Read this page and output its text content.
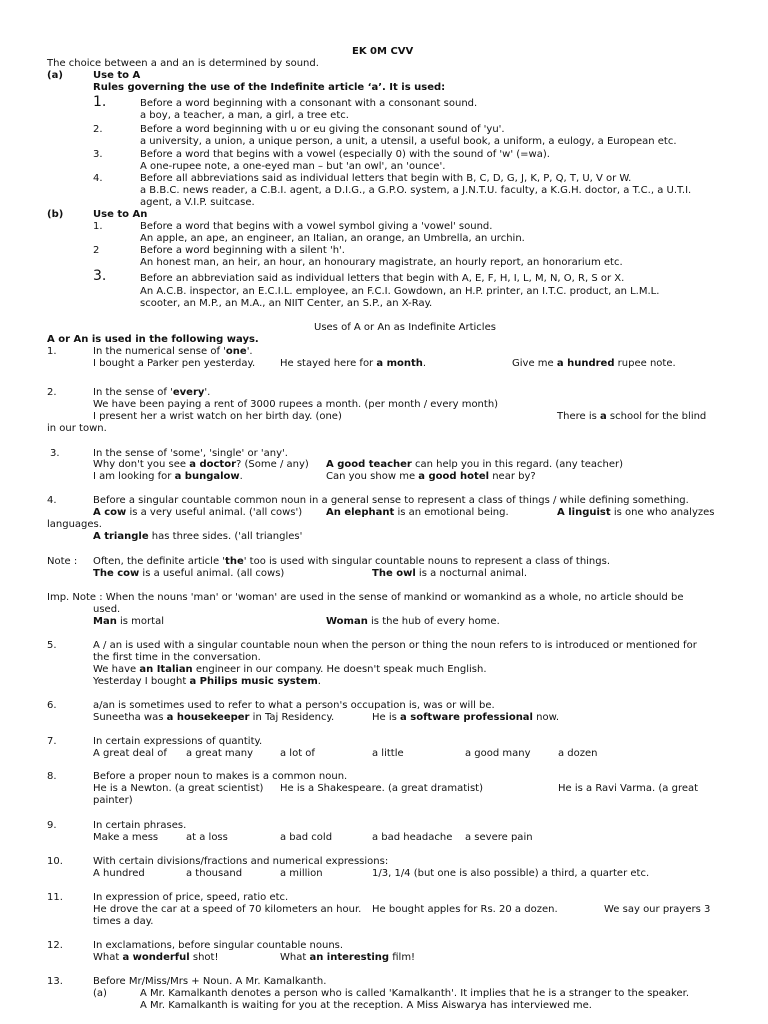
EK 0M CVV
The choice between a and an is determined by sound.
(a)	Use to A
Rules governing the use of the Indefinite article ‘a’. It is used:
1.	Before a word beginning with a consonant with a consonant sound.
a boy, a teacher, a man, a girl, a tree etc.
2.	Before a word beginning with u or eu giving the consonant sound of 'yu'.
a university, a union, a unique person, a unit, a utensil, a useful book, a uniform, a eulogy, a European etc.
3.	Before a word that begins with a vowel (especially 0) with the sound of 'w' (=wa).
A one-rupee note, a one-eyed man – but 'an owl', an 'ounce'.
4.	Before all abbreviations said as individual letters that begin with B, C, D, G, J, K, P, Q, T, U, V or W.
a B.B.C. news reader, a C.B.I. agent, a D.I.G., a G.P.O. system, a J.N.T.U. faculty, a K.G.H. doctor, a T.C., a U.T.I.
agent, a V.I.P. suitcase.
(b)	Use to An
1.	Before a word that begins with a vowel symbol giving a 'vowel' sound.
An apple, an ape, an engineer, an Italian, an orange, an Umbrella, an urchin.
2	Before a word beginning with a silent 'h'.
An honest man, an heir, an hour, an honourary magistrate, an hourly report, an honorarium etc.
3.	Before an abbreviation said as individual letters that begin with A, E, F, H, I, L, M, N, O, R, S or X.
An A.C.B. inspector, an E.C.I.L. employee, an F.C.I. Gowdown, an H.P. printer, an I.T.C. product, an L.M.L.
scooter, an M.P., an M.A., an NIIT Center, an S.P., an X-Ray.
Uses of A or An as Indefinite Articles
A or An is used in the following ways.
1.	In the numerical sense of 'one'.
I bought a Parker pen yesterday. He stayed here for a month.	Give me a hundred rupee note.
2.	In the sense of 'every'.
We have been paying a rent of 3000 rupees a month. (per month / every month)
I present her a wrist watch on her birth day. (one)	There is a school for the blind
in our town.
3.	In the sense of 'some', 'single' or 'any'.
Why don't you see a doctor? (Some / any) A good teacher can help you in this regard. (any teacher)
I am looking for a bungalow.	Can you show me a good hotel near by?
4.	Before a singular countable common noun in a general sense to represent a class of things / while defining something.
A cow is a very useful animal. ('all cows') An elephant is an emotional being.	A linguist is one who analyzes
languages.
A triangle has three sides. ('all triangles'
Note : Often, the definite article 'the' too is used with singular countable nouns to represent a class of things.
The cow is a useful animal. (all cows)	The owl is a nocturnal animal.
Imp. Note : When the nouns 'man' or 'woman' are used in the sense of mankind or womankind as a whole, no article should be
used.
Man is mortal	Woman is the hub of every home.
5.	A / an is used with a singular countable noun when the person or thing the noun refers to is introduced or mentioned for
the first time in the conversation.
We have an Italian engineer in our company. He doesn't speak much English.
Yesterday I bought a Philips music system.
6.	a/an is sometimes used to refer to what a person's occupation is, was or will be.
Suneetha was a housekeeper in Taj Residency.	He is a software professional now.
7.	In certain expressions of quantity.
A great deal of a great many	a lot of	a little	a good many	a dozen
8.	Before a proper noun to makes is a common noun.
He is a Newton. (a great scientist) He is a Shakespeare. (a great dramatist)	He is a Ravi Varma. (a great
painter)
9.	In certain phrases.
Make a mess	at a loss	a bad cold	a bad headache a severe pain
10.	With certain divisions/fractions and numerical expressions:
A hundred	a thousand	a million	1/3, 1/4 (but one is also possible) a third, a quarter etc.
11.	In expression of price, speed, ratio etc.
He drove the car at a speed of 70 kilometers an hour. He bought apples for Rs. 20 a dozen.	We say our prayers 3
times a day.
12.	In exclamations, before singular countable nouns.
What a wonderful shot!	What an interesting film!
13.	Before Mr/Miss/Mrs + Noun. A Mr. Kamalkanth.
(a)	A Mr. Kamalkanth denotes a person who is called 'Kamalkanth'. It implies that he is a stranger to the speaker.
A Mr. Kamalkanth is waiting for you at the reception. A Miss Aiswarya has interviewed me.
